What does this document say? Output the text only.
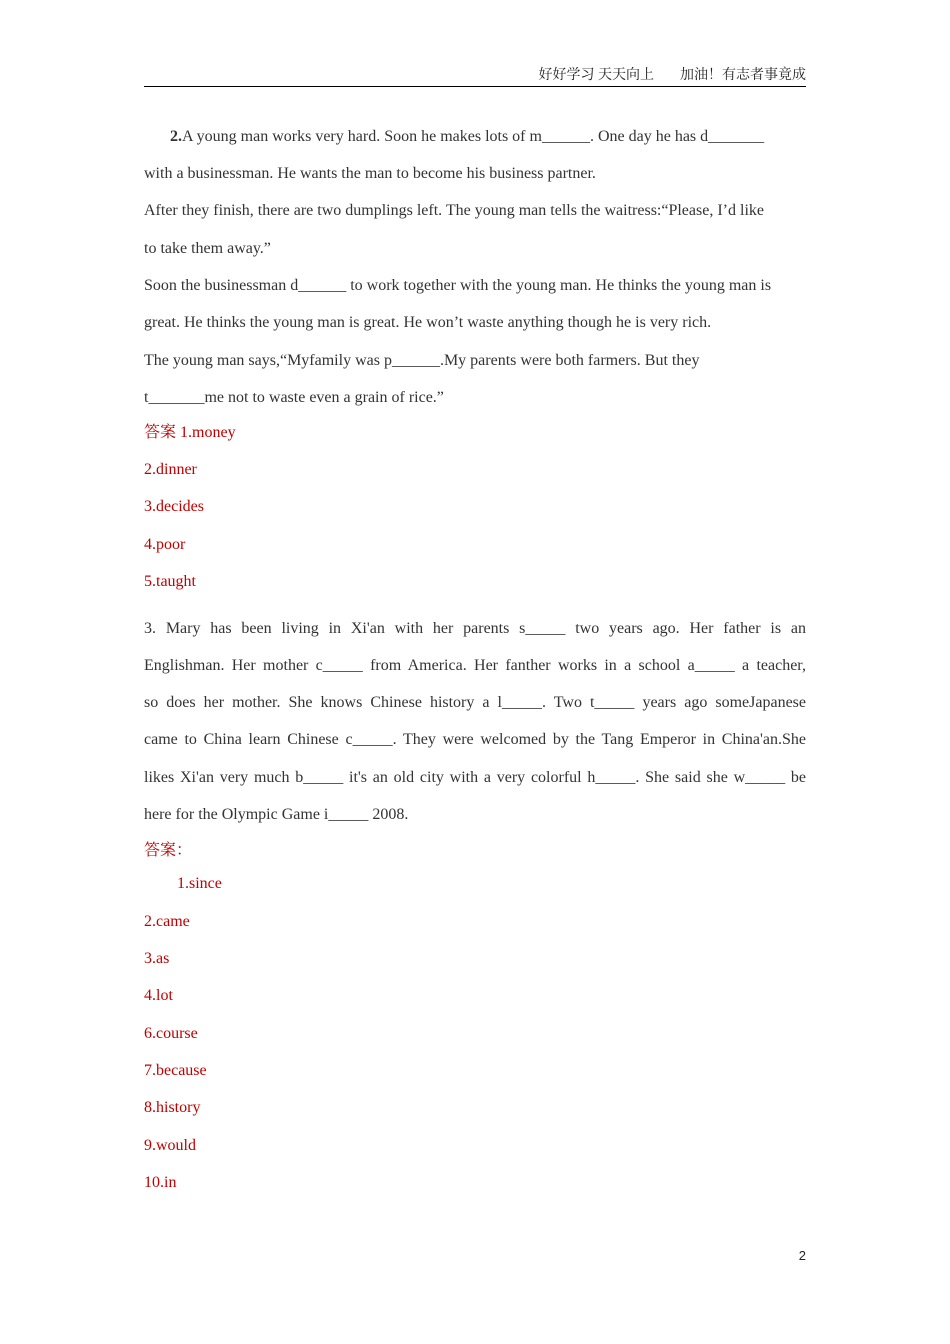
好好学习 天天向上 加油！有志者事竟成
2.A young man works very hard. Soon he makes lots of m______. One day he has d_______
with a businessman. He wants the man to become his business partner.
After they finish, there are two dumplings left. The young man tells the waitress:“Please, I’d like
to take them away.”
Soon the businessman d______ to work together with the young man. He thinks the young man is
great. He thinks the young man is great. He won’t waste anything though he is very rich.
The young man says,“Myfamily was p______.My parents were both farmers. But they
t_______me not to waste even a grain of rice.”
答案 1.money
2.dinner
3.decides
4.poor
5.taught
3. Mary has been living in Xi'an with her parents s_____ two years ago. Her father is an
Englishman. Her mother c_____ from America. Her fanther works in a school a_____ a teacher,
so does her mother. She knows Chinese history a l_____. Two t_____ years ago someJapanese
came to China learn Chinese c_____. They were welcomed by the Tang Emperor in China'an.She
likes Xi'an very much b_____ it's an old city with a very colorful h_____. She said she w_____ be
here for the Olympic Game i_____ 2008.
答案：
1.since
2.came
3.as
4.lot
6.course
7.because
8.history
9.would
10.in
2
